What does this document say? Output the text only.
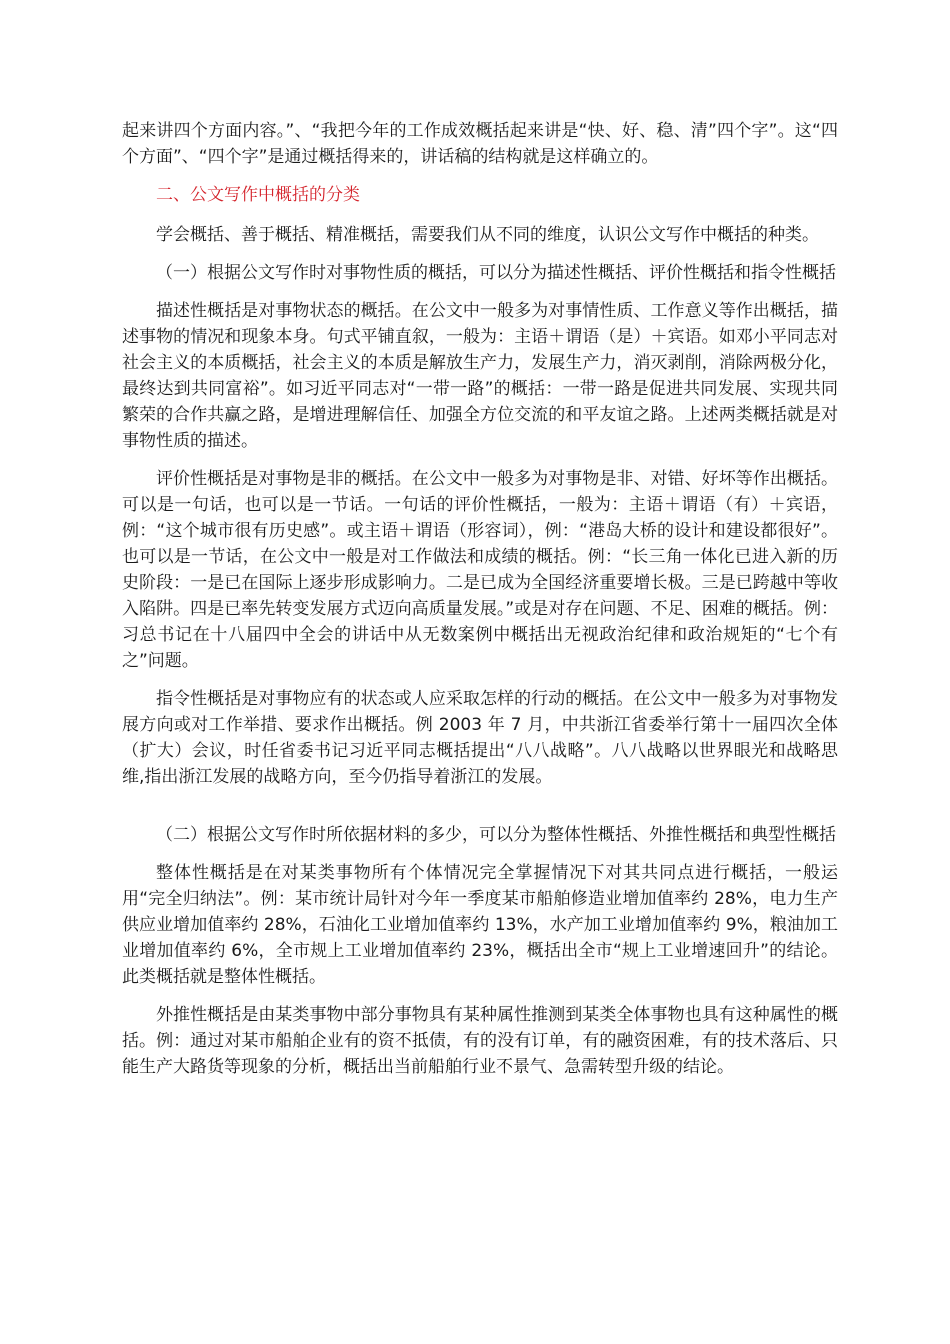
起来讲四个方面内容。”、“我把今年的工作成效概括起来讲是“快、好、稳、清”四个字”。这“四个方面”、“四个字”是通过概括得来的，讲话稿的结构就是这样确立的。

二、公文写作中概括的分类

学会概括、善于概括、精准概括，需要我们从不同的维度，认识公文写作中概括的种类。

（一）根据公文写作时对事物性质的概括，可以分为描述性概括、评价性概括和指令性概括

描述性概括是对事物状态的概括。在公文中一般多为对事情性质、工作意义等作出概括，描述事物的情况和现象本身。句式平铺直叙，一般为：主语＋谓语（是）＋宾语。如邓小平同志对社会主义的本质概括，社会主义的本质是解放生产力，发展生产力，消灭剥削，消除两极分化，最终达到共同富裕”。如习近平同志对“一带一路”的概括：一带一路是促进共同发展、实现共同繁荣的合作共赢之路，是增进理解信任、加强全方位交流的和平友谊之路。上述两类概括就是对事物性质的描述。

评价性概括是对事物是非的概括。在公文中一般多为对事物是非、对错、好坏等作出概括。可以是一句话，也可以是一节话。一句话的评价性概括，一般为：主语＋谓语（有）＋宾语，例：“这个城市很有历史感”。或主语＋谓语（形容词），例：“港岛大桥的设计和建设都很好”。也可以是一节话，在公文中一般是对工作做法和成绩的概括。例：“长三角一体化已进入新的历史阶段：一是已在国际上逐步形成影响力。二是已成为全国经济重要增长极。三是已跨越中等收入陷阱。四是已率先转变发展方式迈向高质量发展。”或是对存在问题、不足、困难的概括。例：习总书记在十八届四中全会的讲话中从无数案例中概括出无视政治纪律和政治规矩的“七个有之”问题。

指令性概括是对事物应有的状态或人应采取怎样的行动的概括。在公文中一般多为对事物发展方向或对工作举措、要求作出概括。例 2003 年 7 月，中共浙江省委举行第十一届四次全体（扩大）会议，时任省委书记习近平同志概括提出“八八战略”。八八战略以世界眼光和战略思维,指出浙江发展的战略方向，至今仍指导着浙江的发展。

（二）根据公文写作时所依据材料的多少，可以分为整体性概括、外推性概括和典型性概括

整体性概括是在对某类事物所有个体情况完全掌握情况下对其共同点进行概括，一般运用“完全归纳法”。例：某市统计局针对今年一季度某市船舶修造业增加值率约 28%，电力生产供应业增加值率约 28%，石油化工业增加值率约 13%，水产加工业增加值率约 9%，粮油加工业增加值率约 6%，全市规上工业增加值率约 23%，概括出全市“规上工业增速回升”的结论。此类概括就是整体性概括。

外推性概括是由某类事物中部分事物具有某种属性推测到某类全体事物也具有这种属性的概括。例：通过对某市船舶企业有的资不抵债，有的没有订单，有的融资困难，有的技术落后、只能生产大路货等现象的分析，概括出当前船舶行业不景气、急需转型升级的结论。
